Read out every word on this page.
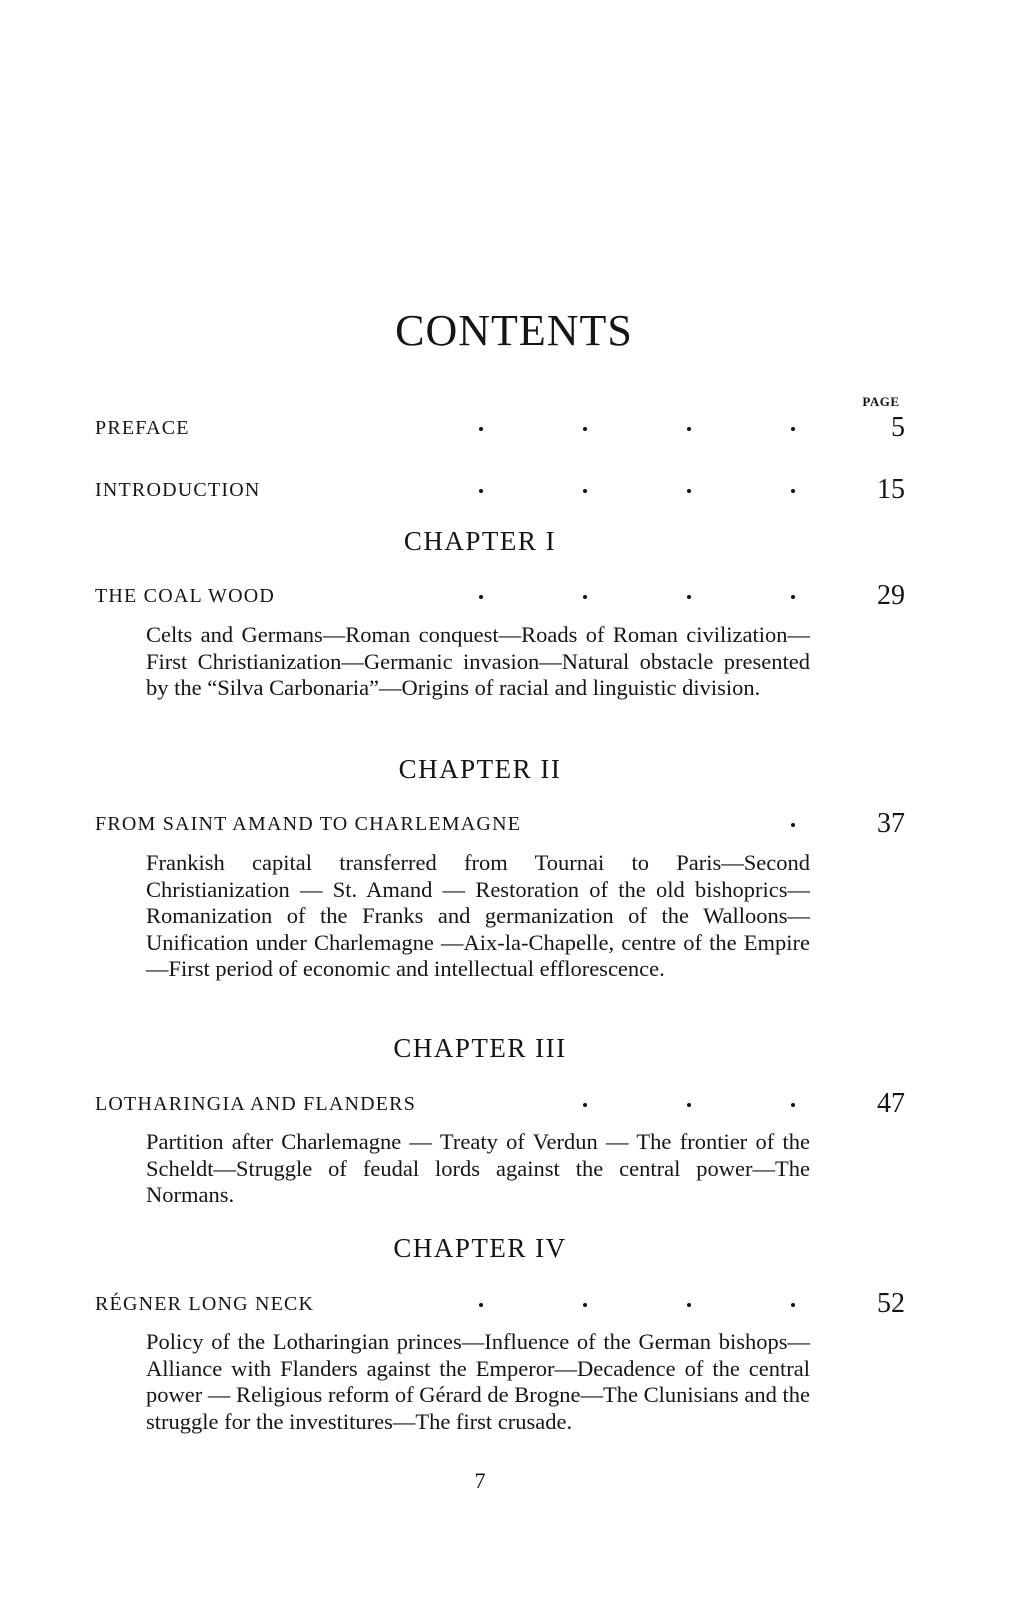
CONTENTS
PAGE
PREFACE	5
INTRODUCTION	15
CHAPTER I
THE COAL WOOD	29
Celts and Germans—Roman conquest—Roads of Roman civilization—First Christianization—Germanic invasion—Natural obstacle presented by the “Silva Carbonaria”—Origins of racial and linguistic division.
CHAPTER II
FROM SAINT AMAND TO CHARLEMAGNE	37
Frankish capital transferred from Tournai to Paris—Second Christianization — St. Amand — Restoration of the old bishoprics—Romanization of the Franks and germanization of the Walloons—Unification under Charlemagne —Aix-la-Chapelle, centre of the Empire—First period of economic and intellectual efflorescence.
CHAPTER III
LOTHARINGIA AND FLANDERS	47
Partition after Charlemagne — Treaty of Verdun — The frontier of the Scheldt—Struggle of feudal lords against the central power—The Normans.
CHAPTER IV
RÉGNER LONG NECK	52
Policy of the Lotharingian princes—Influence of the German bishops—Alliance with Flanders against the Emperor—Decadence of the central power — Religious reform of Gérard de Brogne—The Clunisians and the struggle for the investitures—The first crusade.
7
